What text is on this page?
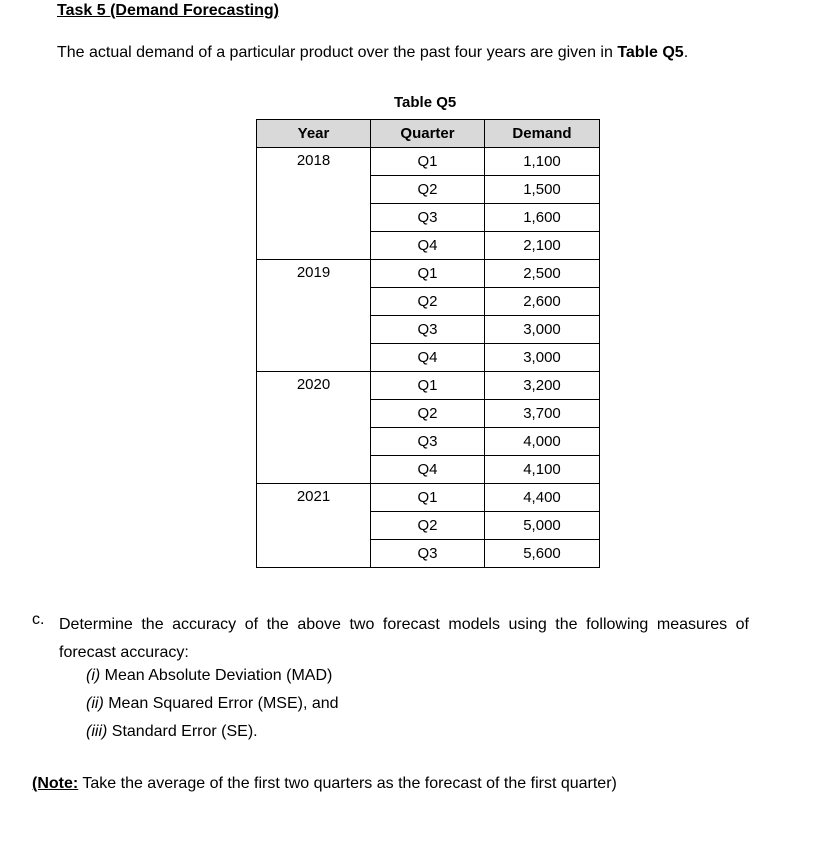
Task 5 (Demand Forecasting)
The actual demand of a particular product over the past four years are given in Table Q5.
Table Q5
Year	Quarter	Demand
2018	Q1	1,100
	Q2	1,500
	Q3	1,600
	Q4	2,100
2019	Q1	2,500
	Q2	2,600
	Q3	3,000
	Q4	3,000
2020	Q1	3,200
	Q2	3,700
	Q3	4,000
	Q4	4,100
2021	Q1	4,400
	Q2	5,000
	Q3	5,600
c. Determine the accuracy of the above two forecast models using the following measures of forecast accuracy:
(i) Mean Absolute Deviation (MAD)
(ii) Mean Squared Error (MSE), and
(iii) Standard Error (SE).
(Note: Take the average of the first two quarters as the forecast of the first quarter)
